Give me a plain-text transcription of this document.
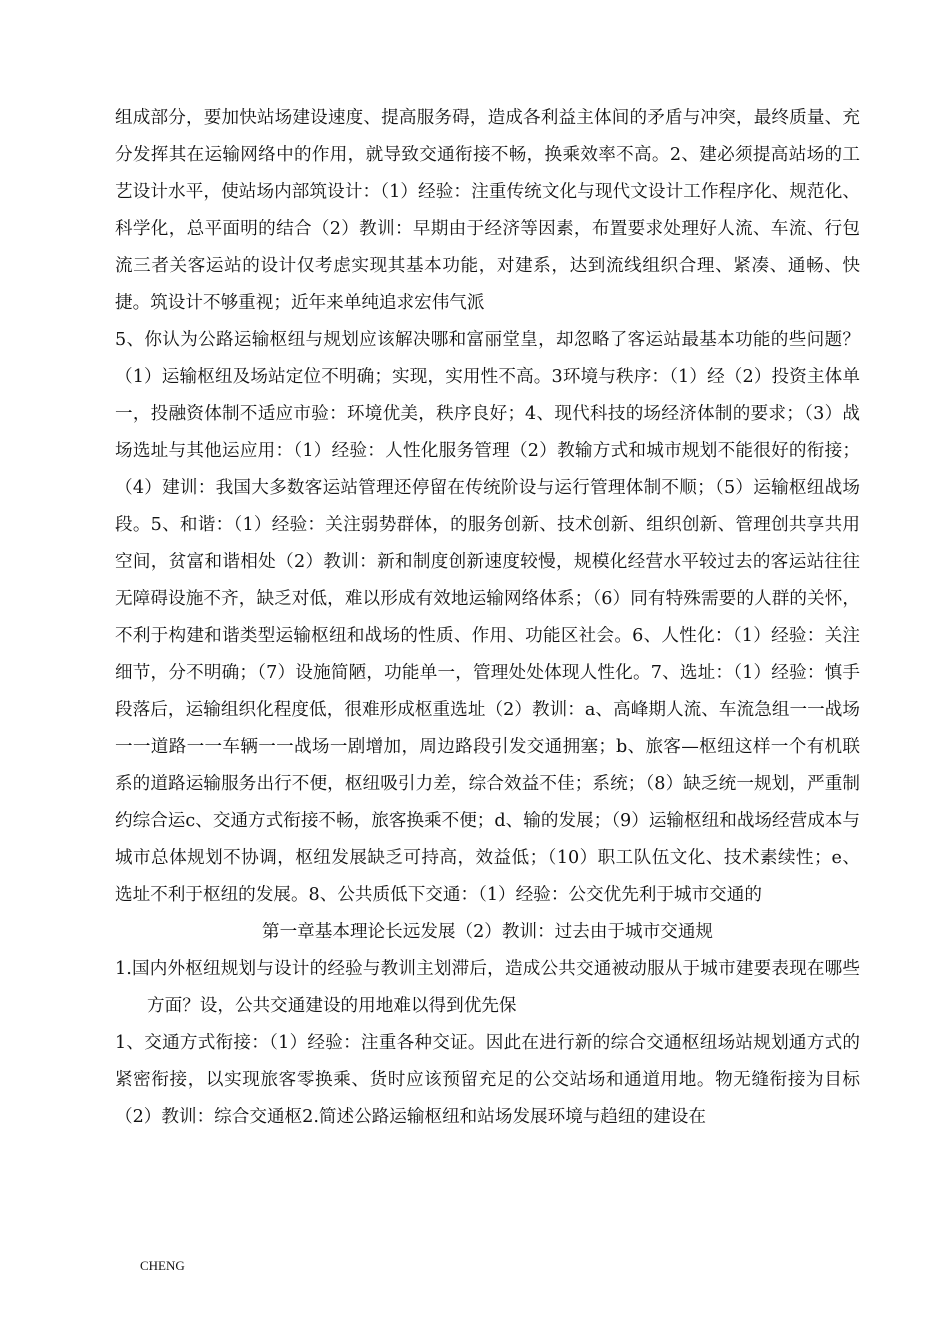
组成部分，要加快站场建设速度、提高服务碍，造成各利益主体间的矛盾与冲突，最终质量、充分发挥其在运输网络中的作用，就导致交通衔接不畅，换乘效率不高。2、建必须提高站场的工艺设计水平，使站场内部筑设计：（1）经验：注重传统文化与现代文设计工作程序化、规范化、科学化，总平面明的结合（2）教训：早期由于经济等因素，布置要求处理好人流、车流、行包流三者关客运站的设计仅考虑实现其基本功能，对建系，达到流线组织合理、紧凑、通畅、快捷。筑设计不够重视；近年来单纯追求宏伟气派

5、你认为公路运输枢纽与规划应该解决哪和富丽堂皇，却忽略了客运站最基本功能的些问题？（1）运输枢纽及场站定位不明确；实现，实用性不高。3环境与秩序：（1）经（2）投资主体单一，投融资体制不适应市验：环境优美，秩序良好；4、现代科技的场经济体制的要求；（3）战场选址与其他运应用：（1）经验：人性化服务管理（2）教输方式和城市规划不能很好的衔接；（4）建训：我国大多数客运站管理还停留在传统阶设与运行管理体制不顺；（5）运输枢纽战场段。5、和谐：（1）经验：关注弱势群体，的服务创新、技术创新、组织创新、管理创共享共用空间，贫富和谐相处（2）教训：新和制度创新速度较慢，规模化经营水平较过去的客运站往往无障碍设施不齐，缺乏对低，难以形成有效地运输网络体系；（6）同有特殊需要的人群的关怀，不利于构建和谐类型运输枢纽和战场的性质、作用、功能区社会。6、人性化：（1）经验：关注细节，分不明确；（7）设施简陋，功能单一，管理处处体现人性化。7、选址：（1）经验：慎手段落后，运输组织化程度低，很难形成枢重选址（2）教训：a、高峰期人流、车流急组一一战场一一道路一一车辆一一战场一剧增加，周边路段引发交通拥塞；b、旅客—枢纽这样一个有机联系的道路运输服务出行不便，枢纽吸引力差，综合效益不佳；系统；（8）缺乏统一规划，严重制约综合运c、交通方式衔接不畅，旅客换乘不便；d、输的发展；（9）运输枢纽和战场经营成本与城市总体规划不协调，枢纽发展缺乏可持高，效益低；（10）职工队伍文化、技术素续性；e、选址不利于枢纽的发展。8、公共质低下交通：（1）经验：公交优先利于城市交通的

第一章基本理论长远发展（2）教训：过去由于城市交通规

1.国内外枢纽规划与设计的经验与教训主划滞后，造成公共交通被动服从于城市建要表现在哪些方面？设，公共交通建设的用地难以得到优先保

1、交通方式衔接：（1）经验：注重各种交证。因此在进行新的综合交通枢纽场站规划通方式的紧密衔接，以实现旅客零换乘、货时应该预留充足的公交站场和通道用地。物无缝衔接为目标（2）教训：综合交通枢2.简述公路运输枢纽和站场发展环境与趋纽的建设在

CHENG
